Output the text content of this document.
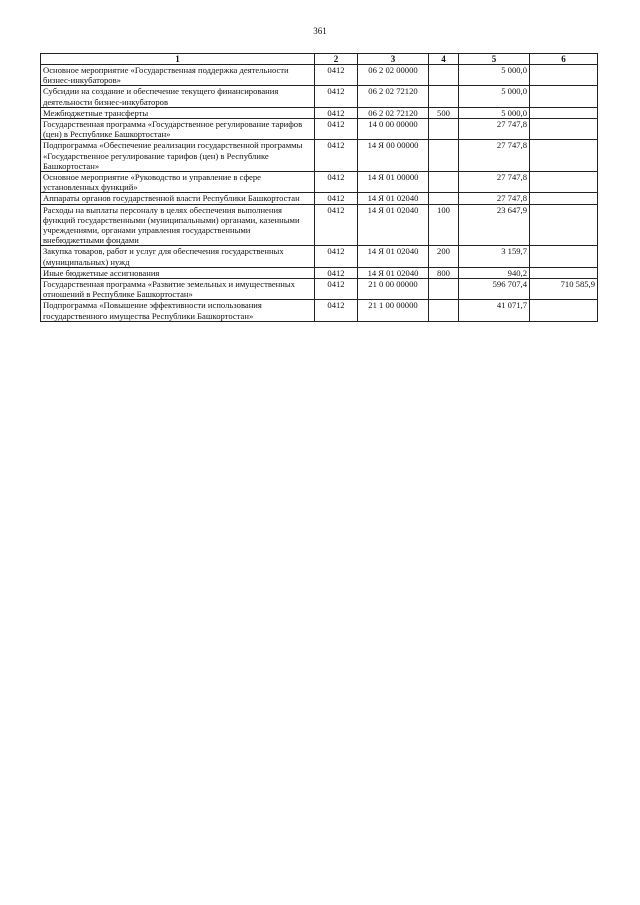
361
1	2	3	4	5	6
Основное мероприятие «Государственная поддержка деятельности бизнес-инкубаторов»	0412	06 2 02 00000		5 000,0	
Субсидии на создание и обеспечение текущего финансирования деятельности бизнес-инкубаторов	0412	06 2 02 72120		5 000,0	
Межбюджетные трансферты	0412	06 2 02 72120	500	5 000,0	
Государственная программа «Государственное регулирование тарифов (цен) в Республике Башкортостан»	0412	14 0 00 00000		27 747,8	
Подпрограмма «Обеспечение реализации государственной программы «Государственное регулирование тарифов (цен) в Республике Башкортостан»	0412	14 Я 00 00000		27 747,8	
Основное мероприятие «Руководство и управление в сфере установленных функций»	0412	14 Я 01 00000		27 747,8	
Аппараты органов государственной власти Республики Башкортостан	0412	14 Я 01 02040		27 747,8	
Расходы на выплаты персоналу в целях обеспечения выполнения функций государственными (муниципальными) органами, казенными учреждениями, органами управления государственными внебюджетными фондами	0412	14 Я 01 02040	100	23 647,9	
Закупка товаров, работ и услуг для обеспечения государственных (муниципальных) нужд	0412	14 Я 01 02040	200	3 159,7	
Иные бюджетные ассигнования	0412	14 Я 01 02040	800	940,2	
Государственная программа «Развитие земельных и имущественных отношений в Республике Башкортостан»	0412	21 0 00 00000		596 707,4	710 585,9
Подпрограмма «Повышение эффективности использования государственного имущества Республики Башкортостан»	0412	21 1 00 00000		41 071,7	
